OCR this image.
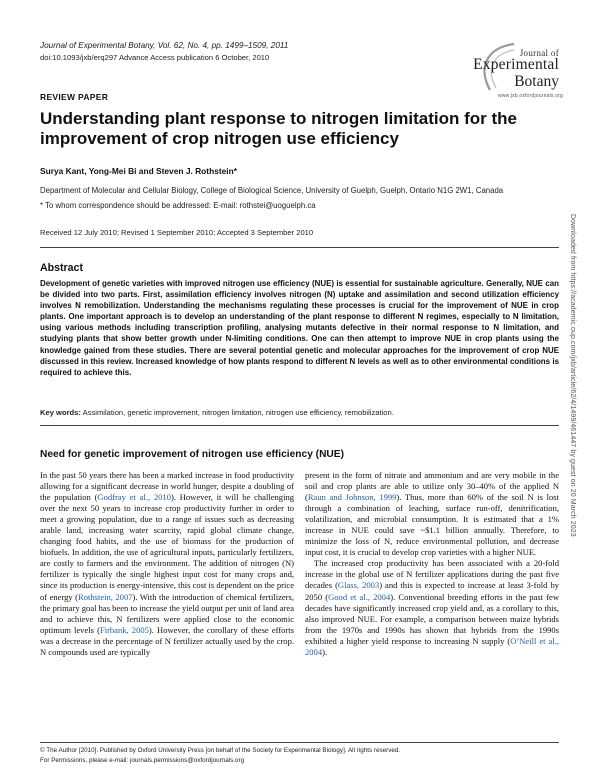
Journal of Experimental Botany, Vol. 62, No. 4, pp. 1499–1509, 2011
doi:10.1093/jxb/erq297 Advance Access publication 6 October, 2010	Journal of
Experimental
Botany
www.jxb.oxfordjournals.org
REVIEW PAPER
Understanding plant response to nitrogen limitation for the improvement of crop nitrogen use efficiency
Surya Kant, Yong-Mei Bi and Steven J. Rothstein*
Department of Molecular and Cellular Biology, College of Biological Science, University of Guelph, Guelph, Ontario N1G 2W1, Canada
* To whom correspondence should be addressed: E-mail: rothstei@uoguelph.ca
Received 12 July 2010; Revised 1 September 2010; Accepted 3 September 2010
Abstract
Development of genetic varieties with improved nitrogen use efficiency (NUE) is essential for sustainable agriculture. Generally, NUE can be divided into two parts. First, assimilation efficiency involves nitrogen (N) uptake and assimilation and second utilization efficiency involves N remobilization. Understanding the mechanisms regulating these processes is crucial for the improvement of NUE in crop plants. One important approach is to develop an understanding of the plant response to different N regimes, especially to N limitation, using various methods including transcription profiling, analysing mutants defective in their normal response to N limitation, and studying plants that show better growth under N-limiting conditions. One can then attempt to improve NUE in crop plants using the knowledge gained from these studies. There are several potential genetic and molecular approaches for the improvement of crop NUE discussed in this review. Increased knowledge of how plants respond to different N levels as well as to other environmental conditions is required to achieve this.
Key words: Assimilation, genetic improvement, nitrogen limitation, nitrogen use efficiency, remobilization.
Need for genetic improvement of nitrogen use efficiency (NUE)

In the past 50 years there has been a marked increase in food productivity allowing for a significant decrease in world hunger, despite a doubling of the population (Godfray et al., 2010). However, it will be challenging over the next 50 years to increase crop productivity further in order to meet a growing population, due to a range of issues such as decreasing arable land, increasing water scarcity, rapid global climate change, changing food habits, and the use of biomass for the production of biofuels. In addition, the use of agricultural inputs, particularly fertilizers, are costly to farmers and the environment. The addition of nitrogen (N) fertilizer is typically the single highest input cost for many crops and, since its production is energy-intensive, this cost is dependent on the price of energy (Rothstein, 2007). With the introduction of chemical fertilizers, the primary goal has been to increase the yield output per unit of land area and to achieve this, N fertilizers were applied close to the economic optimum levels (Firbank, 2005). However, the corollary of these efforts was a decrease in the percentage of N fertilizer actually used by the crop. N compounds used are typically

present in the form of nitrate and ammonium and are very mobile in the soil and crop plants are able to utilize only 30–40% of the applied N (Raun and Johnson, 1999). Thus, more than 60% of the soil N is lost through a combination of leaching, surface run-off, denitrification, volatilization, and microbial consumption. It is estimated that a 1% increase in NUE could save ~$1.1 billion annually. Therefore, to minimize the loss of N, reduce environmental pollution, and decrease input cost, it is crucial to develop crop varieties with a higher NUE.

The increased crop productivity has been associated with a 20-fold increase in the global use of N fertilizer applications during the past five decades (Glass, 2003) and this is expected to increase at least 3-fold by 2050 (Good et al., 2004). Conventional breeding efforts in the past few decades have significantly increased crop yield and, as a corollary to this, also improved NUE. For example, a comparison between maize hybrids from the 1970s and 1990s has shown that hybrids from the 1990s exhibited a higher yield response to increasing N supply (O’Neill et al., 2004).

© The Author [2010]. Published by Oxford University Press [on behalf of the Society for Experimental Biology]. All rights reserved.
For Permissions, please e-mail: journals.permissions@oxfordjournals.org
Downloaded from https://academic.oup.com/jxb/article/62/4/1499/461447 by guest on 20 March 2023
